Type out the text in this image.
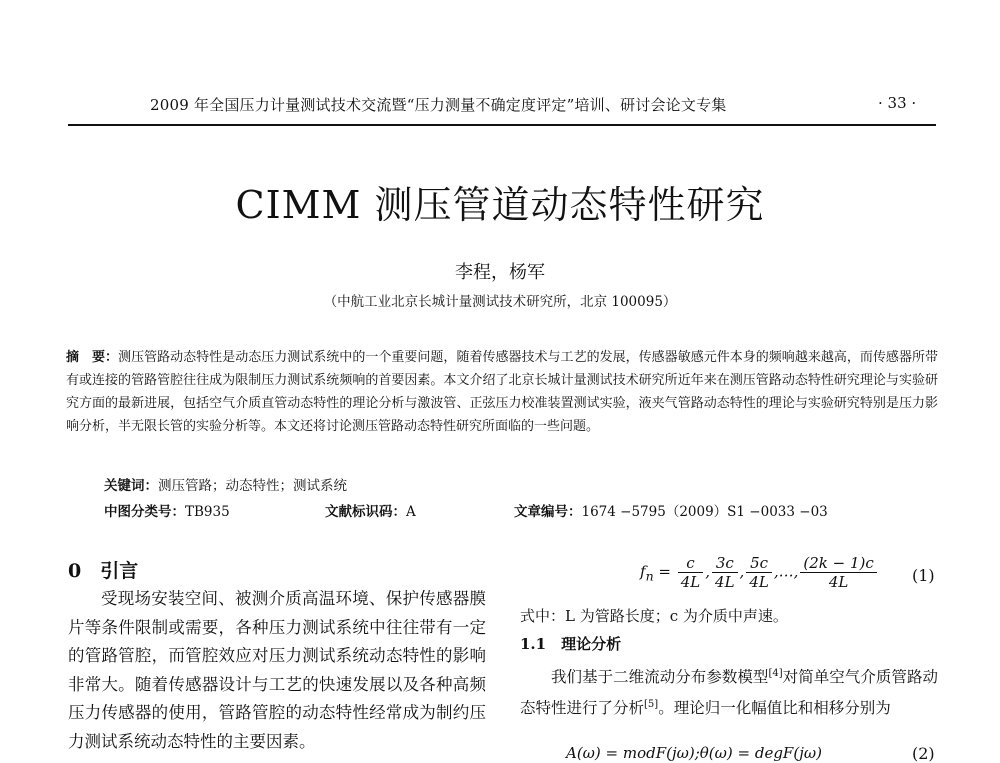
2009 年全国压力计量测试技术交流暨“压力测量不确定度评定”培训、研讨会论文专集	· 33 ·
CIMM 测压管道动态特性研究
李程，杨军
（中航工业北京长城计量测试技术研究所，北京 100095）
摘　要：测压管路动态特性是动态压力测试系统中的一个重要问题，随着传感器技术与工艺的发展，传感器敏感元件本身的频响越来越高，而传感器所带有或连接的管路管腔往往成为限制压力测试系统频响的首要因素。本文介绍了北京长城计量测试技术研究所近年来在测压管路动态特性研究理论与实验研究方面的最新进展，包括空气介质直管动态特性的理论分析与激波管、正弦压力校准装置测试实验，液夹气管路动态特性的理论与实验研究特别是压力影响分析，半无限长管的实验分析等。本文还将讨论测压管路动态特性研究所面临的一些问题。
关键词：测压管路；动态特性；测试系统
中图分类号：TB935	文献标识码：A	文章编号：1674 −5795（2009）S1 −0033 −03
0　引言

受现场安装空间、被测介质高温环境、保护传感器膜片等条件限制或需要，各种压力测试系统中往往带有一定的管路管腔，而管腔效应对压力测试系统动态特性的影响非常大。随着传感器设计与工艺的快速发展以及各种高频压力传感器的使用，管路管腔的动态特性经常成为制约压力测试系统动态特性的主要因素。

$f_n = \frac{c}{4L}$ , $\frac{3c}{4L}$ , $\frac{5c}{4L}$ ,…, $\frac{(2k - 1)c}{4L} (1)$
式中：L 为管路长度；c 为介质中声速。
1.1　理论分析

我们基于二维流动分布参数模型[4]对简单空气介质管路动态特性进行了分析[5]。理论归一化幅值比和相移分别为

A(ω) = modF(jω);θ(ω) = degF(jω)	(2)
